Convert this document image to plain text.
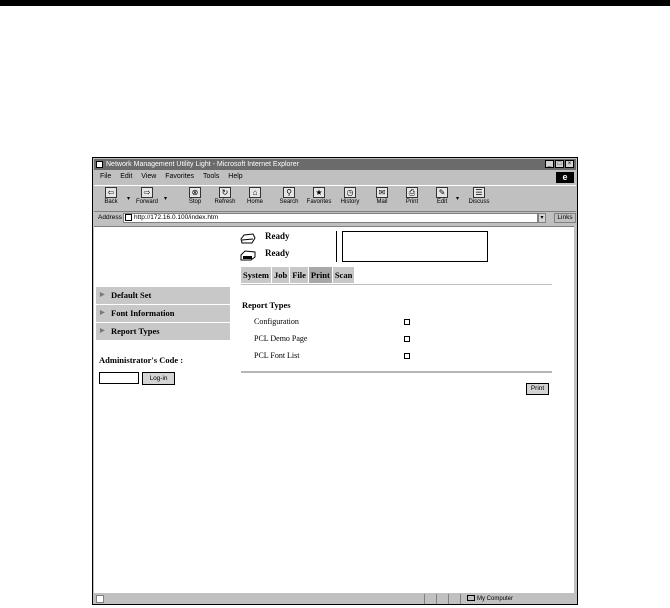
Network Management Utility Light - Microsoft Internet Explorer	_	□	×
File Edit View Favorites Tools Help	e
⇦
Back	▾
⇨
Forward	▾
⊗
Stop
↻
Refresh
⌂
Home
⚲
Search
★
Favorites
◷
History
✉
Mail
⎙
Print
✎
Edit	▾
☰
Discuss
Address	http://172.16.0.100/index.htm	▾	Links
Ready
Ready
System Job File Print Scan
▶ Default Set
▶ Font Information
▶ Report Types
Administrator's Code :
Log-in
Report Types
Configuration
PCL Demo Page
PCL Font List
Print
My Computer
